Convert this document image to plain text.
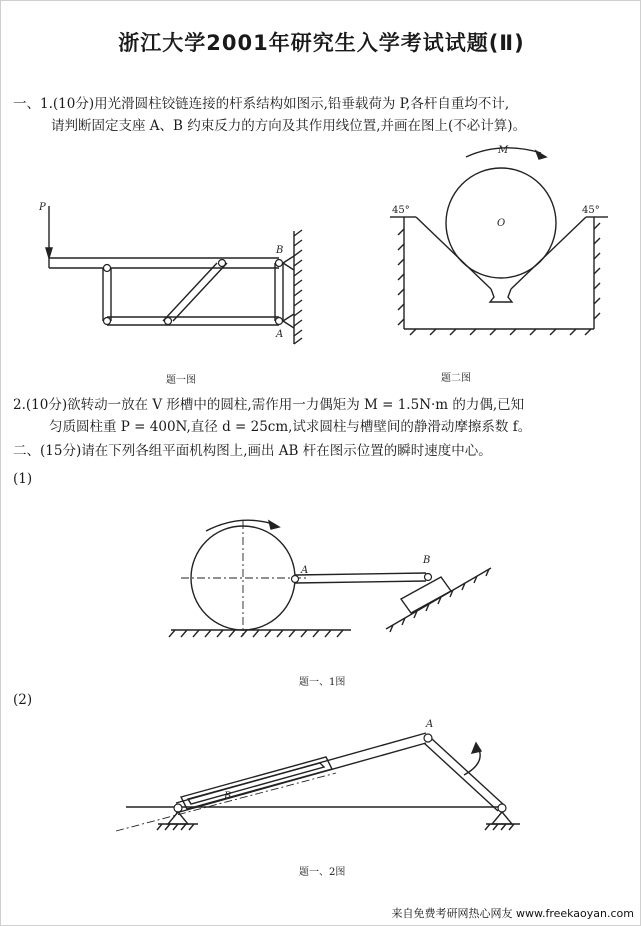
浙江大学2001年研究生入学考试试题(Ⅱ)
一、1.(10分)用光滑圆柱铰链连接的杆系结构如图示,铅垂载荷为 P,各杆自重均不计,
请判断固定支座 A、B 约束反力的方向及其作用线位置,并画在图上(不必计算)。
P
B
A
题一图
M
O
45°	45°
题二图
2.(10分)欲转动一放在 V 形槽中的圆柱,需作用一力偶矩为 M = 1.5N·m 的力偶,已知
匀质圆柱重 P = 400N,直径 d = 25cm,试求圆柱与槽壁间的静滑动摩擦系数 f。
二、(15分)请在下列各组平面机构图上,画出 AB 杆在图示位置的瞬时速度中心。
(1)
A
B
题一、1图
(2)
B
A
题一、2图
来自免费考研网热心网友 www.freekaoyan.com
